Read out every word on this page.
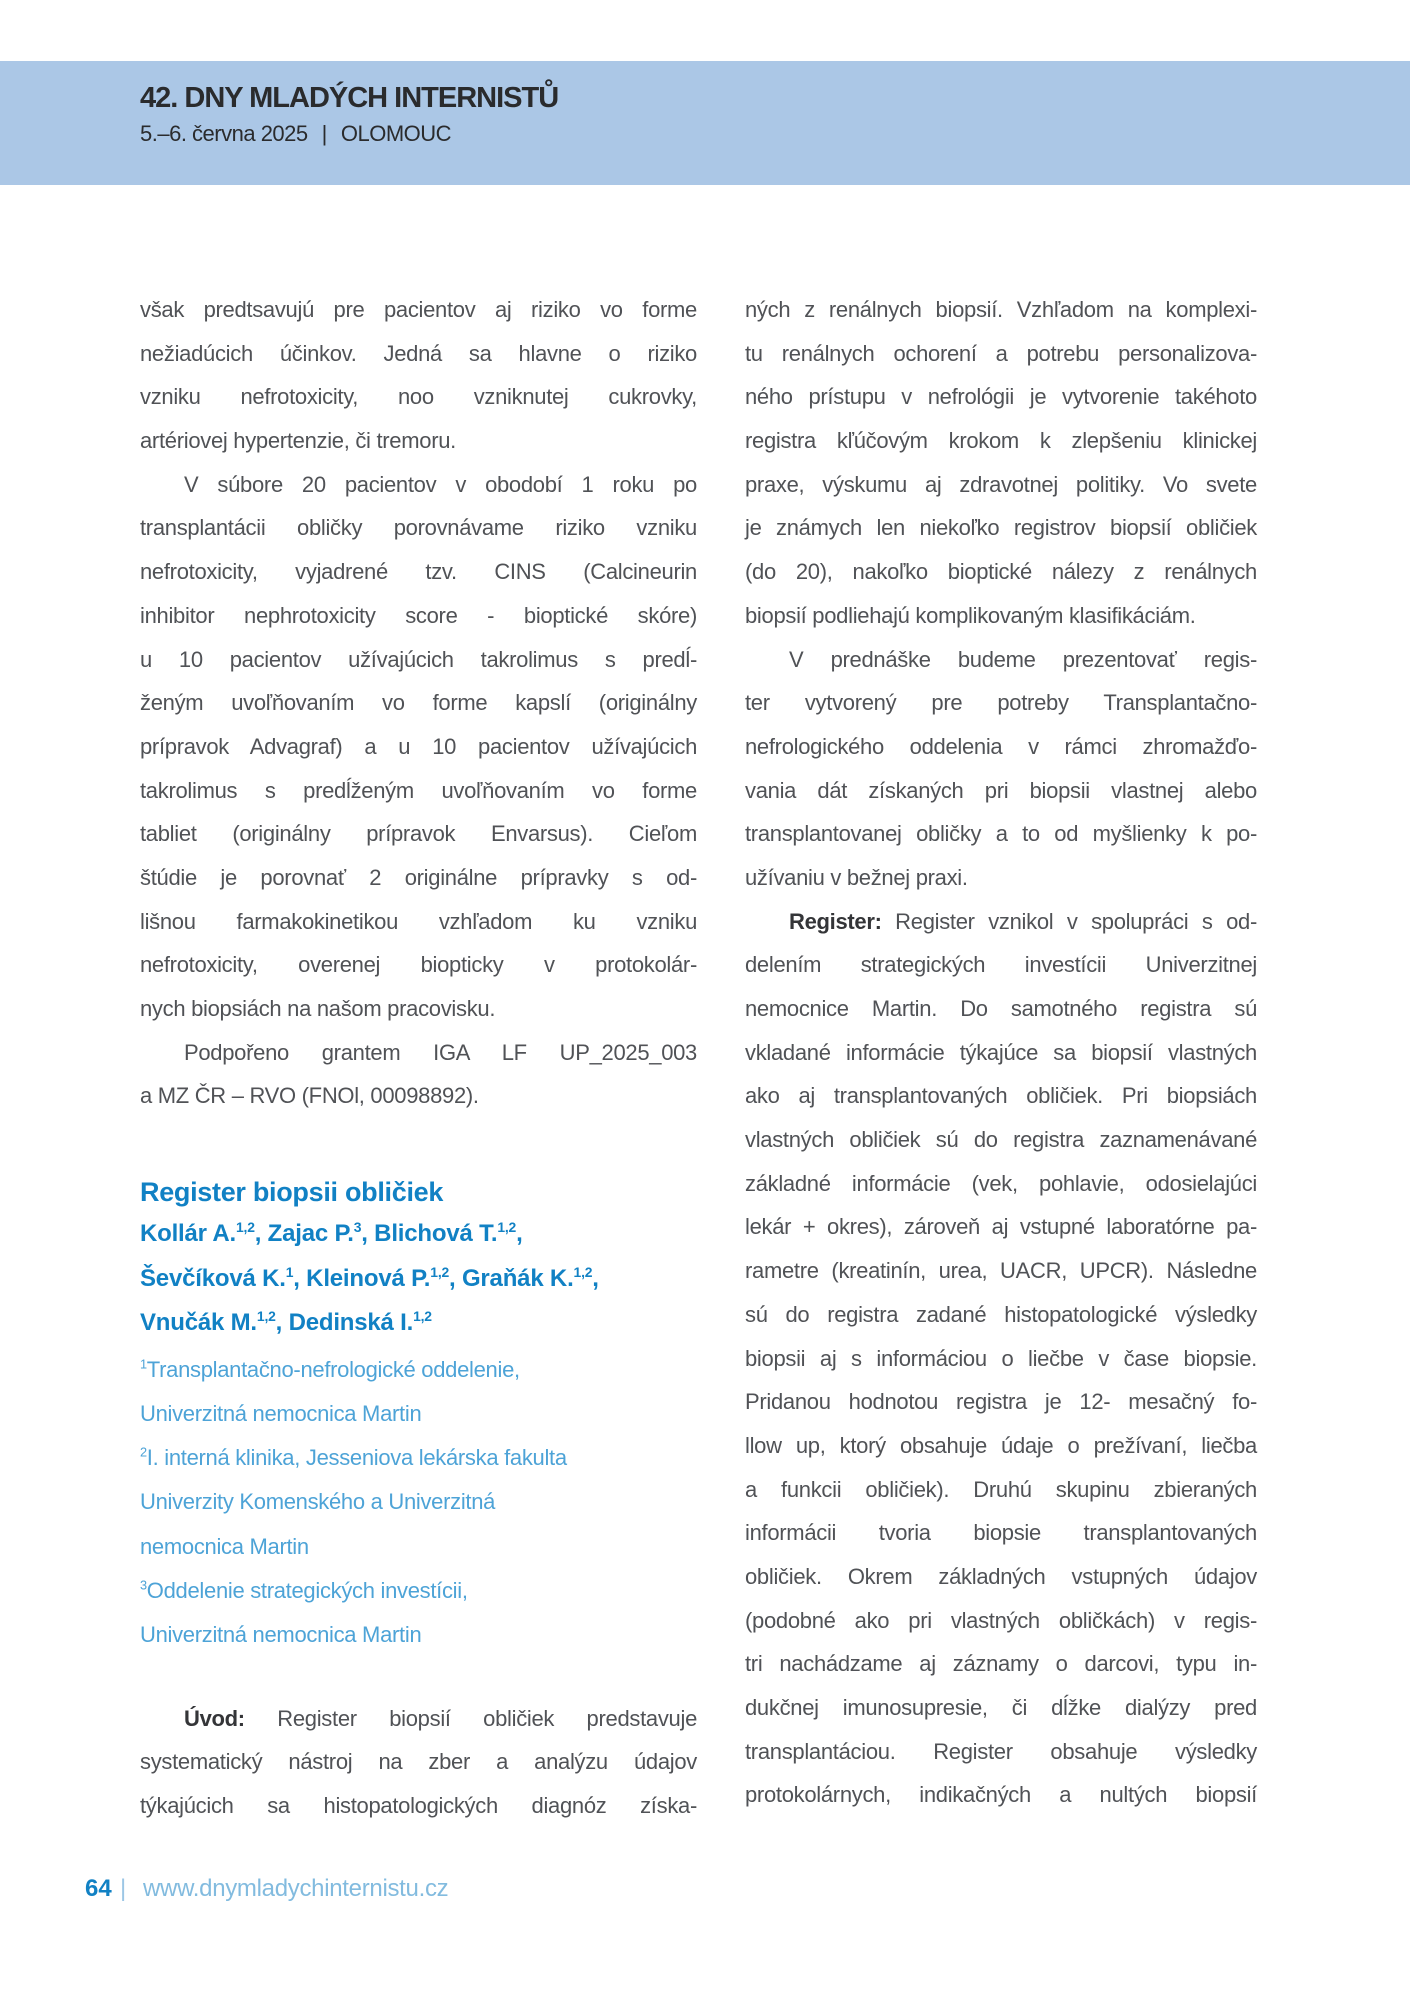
42. DNY MLADÝCH INTERNISTŮ
5.–6. června 2025 | OLOMOUC
však predtsavujú pre pacientov aj riziko vo forme
nežiadúcich účinkov. Jedná sa hlavne o riziko
vzniku nefrotoxicity, noo vzniknutej cukrovky,
artériovej hypertenzie, či tremoru.
V súbore 20 pacientov v obodobí 1 roku po
transplantácii obličky porovnávame riziko vzniku
nefrotoxicity, vyjadrené tzv. CINS (Calcineurin
inhibitor nephrotoxicity score - bioptické skóre)
u 10 pacientov užívajúcich takrolimus s predĺ-
ženým uvoľňovaním vo forme kapslí (originálny
prípravok Advagraf) a u 10 pacientov užívajúcich
takrolimus s predĺženým uvoľňovaním vo forme
tabliet (originálny prípravok Envarsus). Cieľom
štúdie je porovnať 2 originálne prípravky s od-
lišnou farmakokinetikou vzhľadom ku vzniku
nefrotoxicity, overenej biopticky v protokolár-
nych biopsiách na našom pracovisku.
Podpořeno grantem IGA LF UP_2025_003
a MZ ČR – RVO (FNOl, 00098892).
Register biopsii obličiek
Kollár A.$^{1,2}$, Zajac P.$^3$, Blichová T.$^{1,2}$,
Ševčíková K.$^1$, Kleinová P.$^{1,2}$, Graňák K.$^{1,2}$,
Vnučák M.$^{1,2}$, Dedinská I.$^{1,2}$
$^1$Transplantačno-nefrologické oddelenie,
Univerzitná nemocnica Martin
$^2$I. interná klinika, Jesseniova lekárska fakulta
Univerzity Komenského a Univerzitná
nemocnica Martin
$^3$Oddelenie strategických investícii,
Univerzitná nemocnica Martin
Úvod: Register biopsií obličiek predstavuje
systematický nástroj na zber a analýzu údajov
týkajúcich sa histopatologických diagnóz získa-
ných z renálnych biopsií. Vzhľadom na komplexi-
tu renálnych ochorení a potrebu personalizova-
ného prístupu v nefrológii je vytvorenie takéhoto
registra kľúčovým krokom k zlepšeniu klinickej
praxe, výskumu aj zdravotnej politiky. Vo svete
je známych len niekoľko registrov biopsií obličiek
(do 20), nakoľko bioptické nálezy z renálnych
biopsií podliehajú komplikovaným klasifikáciám.
V prednáške budeme prezentovať regis-
ter vytvorený pre potreby Transplantačno-
nefrologického oddelenia v rámci zhromažďo-
vania dát získaných pri biopsii vlastnej alebo
transplantovanej obličky a to od myšlienky k po-
užívaniu v bežnej praxi.
Register: Register vznikol v spolupráci s od-
delením strategických investícii Univerzitnej
nemocnice Martin. Do samotného registra sú
vkladané informácie týkajúce sa biopsií vlastných
ako aj transplantovaných obličiek. Pri biopsiách
vlastných obličiek sú do registra zaznamenávané
základné informácie (vek, pohlavie, odosielajúci
lekár + okres), zároveň aj vstupné laboratórne pa-
rametre (kreatinín, urea, UACR, UPCR). Následne
sú do registra zadané histopatologické výsledky
biopsii aj s informáciou o liečbe v čase biopsie.
Pridanou hodnotou registra je 12- mesačný fo-
llow up, ktorý obsahuje údaje o prežívaní, liečba
a funkcii obličiek). Druhú skupinu zbieraných
informácii tvoria biopsie transplantovaných
obličiek. Okrem základných vstupných údajov
(podobné ako pri vlastných obličkách) v regis-
tri nachádzame aj záznamy o darcovi, typu in-
dukčnej imunosupresie, či dĺžke dialýzy pred
transplantáciou. Register obsahuje výsledky
protokolárnych, indikačných a nultých biopsií
64 | www.dnymladychinternistu.cz
